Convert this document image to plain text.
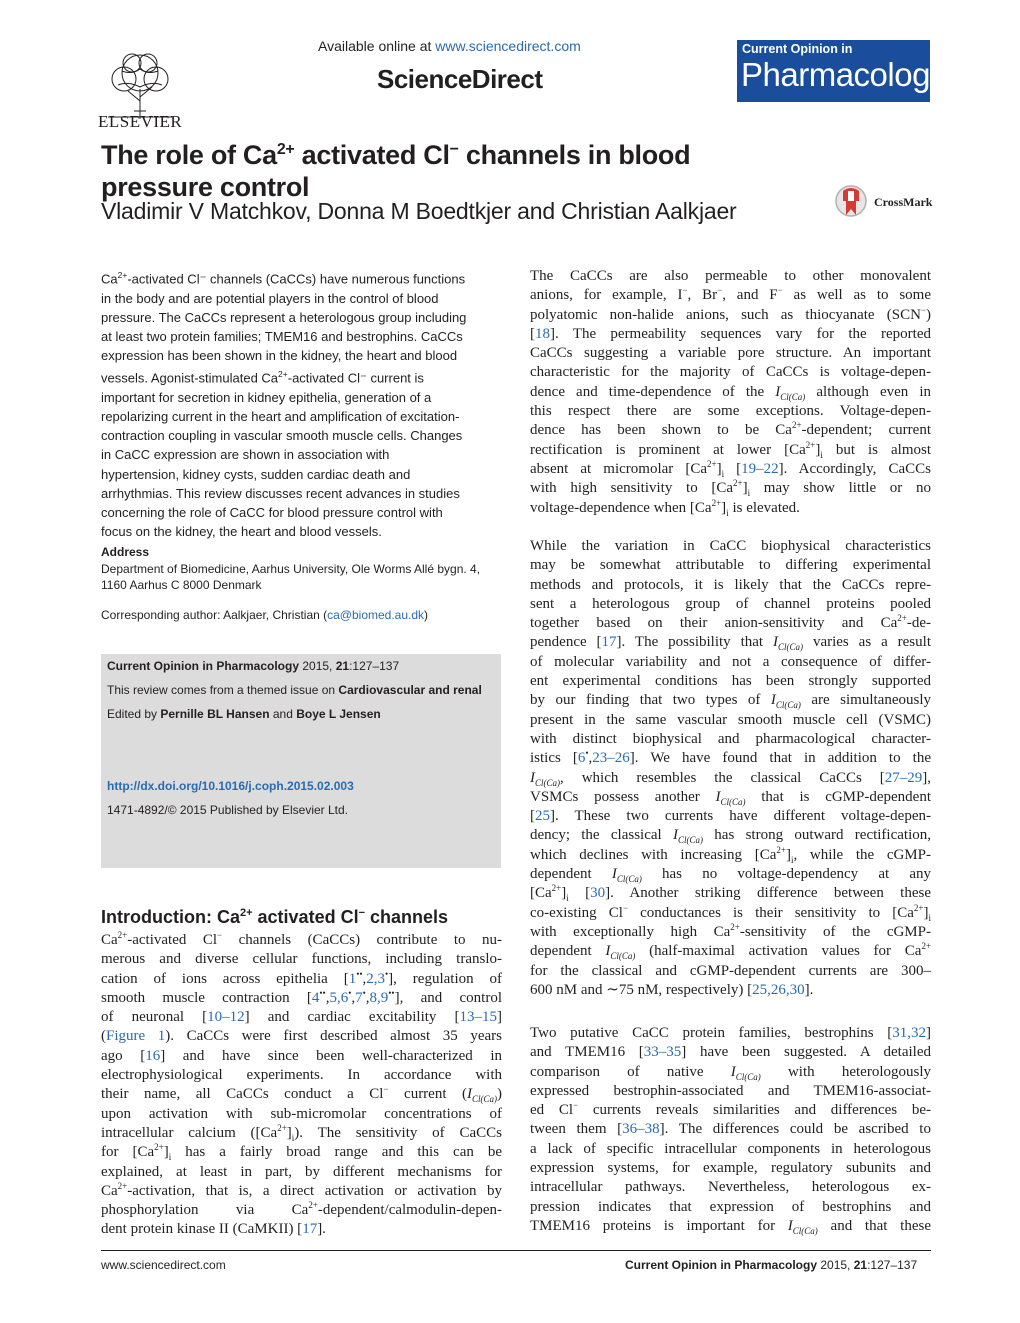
ELSEVIER
Available online at www.sciencedirect.com
ScienceDirect
Current Opinion in
Pharmacology
The role of $Ca^{2+}$ activated Cl− channels in blood
pressure control
Vladimir V Matchkov, Donna M Boedtkjer and Christian Aalkjaer	CrossMark
$Ca^{2+}$-activated Cl⁻ channels (CaCCs) have numerous functions
in the body and are potential players in the control of blood
pressure. The CaCCs represent a heterologous group including
at least two protein families; TMEM16 and bestrophins. CaCCs
expression has been shown in the kidney, the heart and blood
vessels. Agonist-stimulated $Ca^{2+}$-activated Cl⁻ current is
important for secretion in kidney epithelia, generation of a
repolarizing current in the heart and amplification of excitation-
contraction coupling in vascular smooth muscle cells. Changes
in CaCC expression are shown in association with
hypertension, kidney cysts, sudden cardiac death and
arrhythmias. This review discusses recent advances in studies
concerning the role of CaCC for blood pressure control with
focus on the kidney, the heart and blood vessels.
Address
Department of Biomedicine, Aarhus University, Ole Worms Allé bygn. 4,
1160 Aarhus C 8000 Denmark
Corresponding author: Aalkjaer, Christian (ca@biomed.au.dk)
Current Opinion in Pharmacology 2015, 21:127–137
This review comes from a themed issue on Cardiovascular and renal
Edited by Pernille BL Hansen and Boye L Jensen
http://dx.doi.org/10.1016/j.coph.2015.02.003
1471-4892/© 2015 Published by Elsevier Ltd.
Introduction: $Ca^{2+}$ activated Cl− channels
$Ca^{2+}$-activated Cl− channels (CaCCs) contribute to nu-
merous and diverse cellular functions, including translo-
cation of ions across epithelia [1••,2,3•], regulation of
smooth muscle contraction [4••,5,6•,7•,8,9••], and control
of neuronal [10–12] and cardiac excitability [13–15]
(Figure 1). CaCCs were first described almost 35 years
ago [16] and have since been well-characterized in
electrophysiological experiments. In accordance with
their name, all CaCCs conduct a Cl− current $(I_{Cl(Ca)})$
upon activation with sub-micromolar concentrations of
intracellular calcium $([Ca^{2+}]_i)$. The sensitivity of CaCCs
for $[Ca^{2+}]_i$ has a fairly broad range and this can be
explained, at least in part, by different mechanisms for
$Ca^{2+}$-activation, that is, a direct activation or activation by
phosphorylation via $Ca^{2+}-dependent/calmodulin-depen-$
dent protein kinase II (CaMKII) [17].
The CaCCs are also permeable to other monovalent
anions, for example, I−, Br−, and F− as well as to some
polyatomic non-halide anions, such as thiocyanate (SCN−)
[18]. The permeability sequences vary for the reported
CaCCs suggesting a variable pore structure. An important
characteristic for the majority of CaCCs is voltage-depen-
dence and time-dependence of the $I_{Cl(Ca)}$ although even in
this respect there are some exceptions. Voltage-depen-
dence has been shown to be $Ca^{2+}$-dependent; current
rectification is prominent at lower $[Ca^{2+}]_i$ but is almost
absent at micromolar $[Ca^{2+}]_i$ [19–22]. Accordingly, CaCCs
with high sensitivity to $[Ca^{2+}]_i$ may show little or no
voltage-dependence when $[Ca^{2+}]_i$ is elevated.
While the variation in CaCC biophysical characteristics
may be somewhat attributable to differing experimental
methods and protocols, it is likely that the CaCCs repre-
sent a heterologous group of channel proteins pooled
together based on their anion-sensitivity and $Ca^{2+}-de-$
pendence [17]. The possibility that $I_{Cl(Ca)}$ varies as a result
of molecular variability and not a consequence of differ-
ent experimental conditions has been strongly supported
by our finding that two types of $I_{Cl(Ca)}$ are simultaneously
present in the same vascular smooth muscle cell (VSMC)
with distinct biophysical and pharmacological character-
istics [6•,23–26]. We have found that in addition to the
$I_{Cl(Ca)}$, which resembles the classical CaCCs [27–29],
VSMCs possess another $I_{Cl(Ca)}$ that is cGMP-dependent
[25]. These two currents have different voltage-depen-
dency; the classical $I_{Cl(Ca)}$ has strong outward rectification,
which declines with increasing $[Ca^{2+}]_i$, while the cGMP-
dependent $I_{Cl(Ca)}$ has no voltage-dependency at any
$[Ca^{2+}]_i$ [30]. Another striking difference between these
co-existing Cl− conductances is their sensitivity to $[Ca^{2+}]_i$
with exceptionally high $Ca^{2+}$-sensitivity of the cGMP-
dependent $I_{Cl(Ca)}$ (half-maximal activation values for $Ca^{2+}$
for the classical and cGMP-dependent currents are 300–
600 nM and ∼75 nM, respectively) [25,26,30].
Two putative CaCC protein families, bestrophins [31,32]
and TMEM16 [33–35] have been suggested. A detailed
comparison of native $I_{Cl(Ca)}$ with heterologously
expressed bestrophin-associated and TMEM16-associat-
ed Cl− currents reveals similarities and differences be-
tween them [36–38]. The differences could be ascribed to
a lack of specific intracellular components in heterologous
expression systems, for example, regulatory subunits and
intracellular pathways. Nevertheless, heterologous ex-
pression indicates that expression of bestrophins and
TMEM16 proteins is important for $I_{Cl(Ca)}$ and that these
www.sciencedirect.com	Current Opinion in Pharmacology 2015, 21:127–137
